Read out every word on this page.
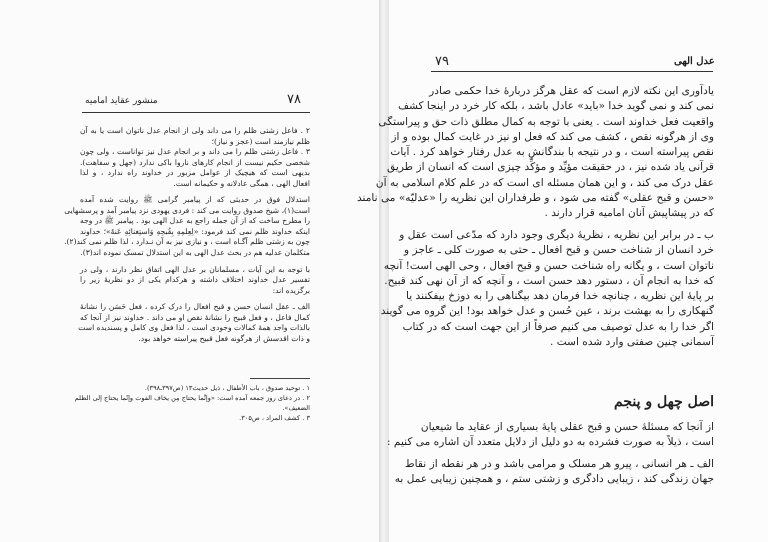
۷۸
منشور عقاید امامیه
۲ . فاعل زشتی ظلم را می داند ولی از انجام عدل ناتوان است یا به آن
ظلم نیازمند است (عجز و نیاز)؛
۳ . فاعل زشتی ظلم را می داند و بر انجام عدل نیز تواناست ، ولی چون
شخصی حکیم نیست از انجام کارهای ناروا باکی ندارد (جهل و سفاهت).
بدیهی است که هیچیک از عوامل مزبور در خداوند راه ندارد ، و لذا
افعال الهی ، همگی عادلانه و حکیمانه است.
استدلال فوق در حدیثی که از پیامبر گرامی ﷺ روایت شده آمده
است(۱)، شیخ صدوق روایت می کند : فردی یهودی نزد پیامبر آمد و پرسشهایی
را مطرح ساخت که از آن جمله راجع به عدل الهی بود . پیامبر ﷺ در وجه
اینکه خداوند ظلم نمی کند فرمود: «لِعِلمِهِ بِقُبحِهِ وَاستِغنائِهِ عَنهُ»؛ خداوند
چون به زشتی ظلم آگـاه است ، و نیازی نیز به آن نـدارد ، لذا ظلم نمی کند(۲).
متکلمان عدلیه هم در بحث عدل الهی به این استدلال تمسک نموده اند(۳).
با توجه به این آیات ، مسلمانان بر عدل الهی اتفاق نظر دارند ، ولی در
تفسیر عدل خداوند اختلاف داشته و هرکدام یکی از دو نظریهٔ زیر را
برگزیده اند:
الف ـ عقل انسان حسن و قبح افعال را درک کرده ، فعل حَسَن را نشانهٔ
کمال فاعل ، و فعل قبیح را نشانهٔ نقص او می داند . خداوند نیز از آنجا که
بالذات واجد همهٔ کمالات وجودی است ، لذا فعل وی کامل و پسندیده است
و ذات اقدسش از هرگونه فعل قبیح پیراسته خواهد بود.
۱ . توحید صدوق ، باب الأطفال ، ذیل حدیث۱۳ (ص۳۹۷ـ۳۹۸).
۲ . در دعای روز جمعه آمده است: «وإنَّما یحتاج مِن یخاف الفوت وإنّما یحتاج إلی الظلم
الضعیف».
۳ . کشف المراد ، ص۳۰۵.
۷۹	عدل الهی
یادآوری این نکته لازم است که عقل هرگز دربارهٔ خدا حکمی صادر
نمی کند و نمی گوید خدا «باید» عادل باشد ، بلکه کار خرد در اینجا کشف
واقعیت فعل خداوند است . یعنی با توجه به کمال مطلق ذات حق و پیراستگی
وی از هرگونه نقص ، کشف می کند که فعل او نیز در غایت کمال بوده و از
نقص پیراسته است ، و در نتیجه با بندگانش به عدل رفتار خواهد کرد . آیات
قرآنی یاد شده نیز ، در حقیقت مؤیِّد و مؤکِّد چیزی است که انسان از طریق
عقل درک می کند ، و این همان مسئله ای است که در علم کلام اسلامی به آن
«حسن و قبح عقلی» گفته می شود ، و طرفداران این نظریه را «عدلیّه» می نامند
که در پیشاپیش آنان امامیه قرار دارند .
ب ـ در برابر این نظریه ، نظریهٔ دیگری وجود دارد که مدّعی است عقل و
خرد انسان از شناخت حسن و قبح افعال ـ حتی به صورت کلی ـ عاجز و
ناتوان است ، و یگانه راه شناخت حسن و قبح افعال ، وحی الهی است! آنچه
که خدا به انجام آن ، دستور دهد حسن است ، و آنچه که از آن نهی کند قبیح.
بر پایهٔ این نظریه ، چنانچه خدا فرمان دهد بیگناهی را به دوزخ بیفکنند یا
گنهکاری را به بهشت برند ، عین حُسن و عدل خواهد بود! این گروه می گویند
اگر خدا را به عدل توصیف می کنیم صرفاً از این جهت است که در کتاب
آسمانی چنین صفتی وارد شده است .
اصل چهل و پنجم
از آنجا که مسئلهٔ حسن و قبح عقلی پایهٔ بسیاری از عقاید ما شیعیان
است ، ذیلاً به صورت فشرده به دو دلیل از دلایل متعدد آن اشاره می کنیم :
الف ـ هر انسانی ، پیرو هر مسلک و مرامی باشد و در هر نقطه از نقاط
جهان زندگی کند ، زیبایی دادگری و زشتی ستم ، و همچنین زیبایی عمل به
